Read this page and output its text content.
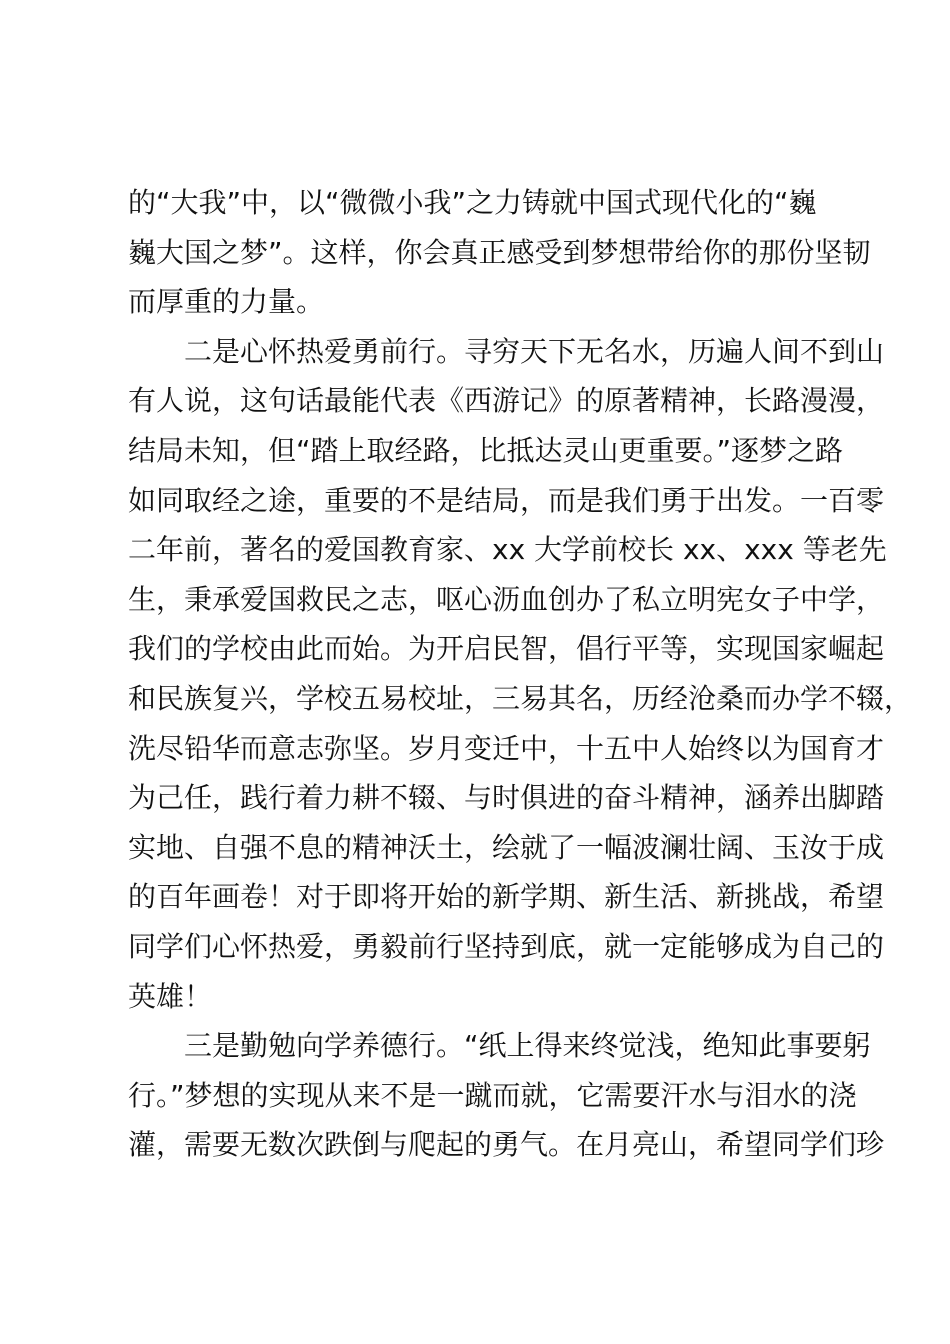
的“大我”中，以“微微小我”之力铸就中国式现代化的“巍
巍大国之梦”。这样，你会真正感受到梦想带给你的那份坚韧
而厚重的力量。
　　二是心怀热爱勇前行。寻穷天下无名水，历遍人间不到山
有人说，这句话最能代表《西游记》的原著精神，长路漫漫，
结局未知，但“踏上取经路，比抵达灵山更重要。”逐梦之路
如同取经之途，重要的不是结局，而是我们勇于出发。一百零
二年前，著名的爱国教育家、xx 大学前校长 xx、xxx 等老先
生，秉承爱国救民之志，呕心沥血创办了私立明宪女子中学，
我们的学校由此而始。为开启民智，倡行平等，实现国家崛起
和民族复兴，学校五易校址，三易其名，历经沧桑而办学不辍，
洗尽铅华而意志弥坚。岁月变迁中，十五中人始终以为国育才
为己任，践行着力耕不辍、与时俱进的奋斗精神，涵养出脚踏
实地、自强不息的精神沃土，绘就了一幅波澜壮阔、玉汝于成
的百年画卷！对于即将开始的新学期、新生活、新挑战，希望
同学们心怀热爱，勇毅前行坚持到底，就一定能够成为自己的
英雄！
　　三是勤勉向学养德行。“纸上得来终觉浅，绝知此事要躬
行。”梦想的实现从来不是一蹴而就，它需要汗水与泪水的浇
灌，需要无数次跌倒与爬起的勇气。在月亮山，希望同学们珍
